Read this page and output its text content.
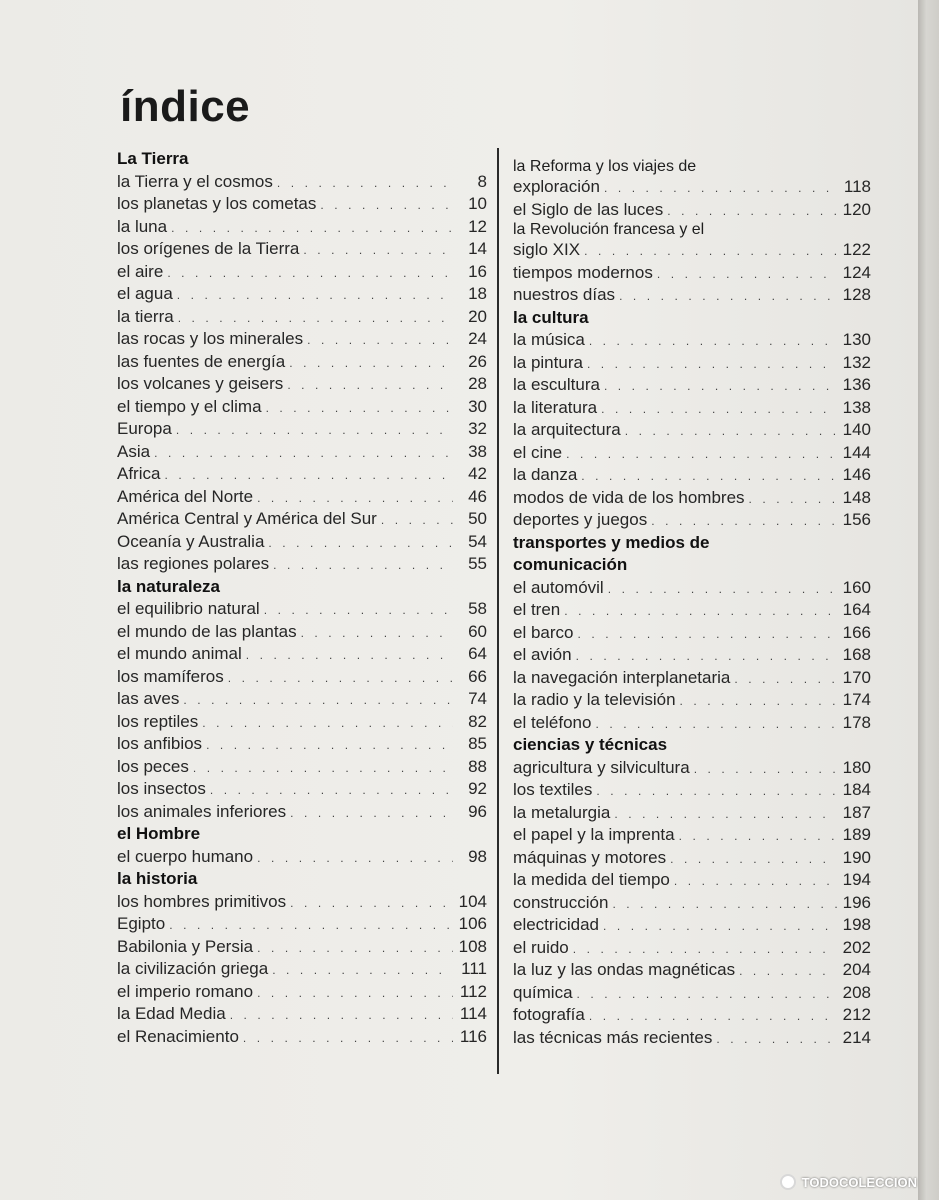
índice
La Tierra
la Tierra y el cosmos . . .	8
los planetas y los cometas . . .	10
la luna . . .	12
los orígenes de la Tierra . . .	14
el aire . . .	16
el agua . . .	18
la tierra . . .	20
las rocas y los minerales . . .	24
las fuentes de energía . . .	26
los volcanes y geisers . . .	28
el tiempo y el clima . . .	30
Europa . . .	32
Asia . . .	38
Africa . . .	42
América del Norte . . .	46
América Central y América del Sur . . .	50
Oceanía y Australia . . .	54
las regiones polares . . .	55
la naturaleza
el equilibrio natural . . .	58
el mundo de las plantas . . .	60
el mundo animal . . .	64
los mamíferos . . .	66
las aves . . .	74
los reptiles . . .	82
los anfibios . . .	85
los peces . . .	88
los insectos . . .	92
los animales inferiores . . .	96
el Hombre
el cuerpo humano . . .	98
la historia
los hombres primitivos . . .	104
Egipto . . .	106
Babilonia y Persia . . .	108
la civilización griega . . .	111
el imperio romano . . .	112
la Edad Media . . .	114
el Renacimiento . . .	116
la Reforma y los viajes de
exploración . . .	118
el Siglo de las luces . . .	120
la Revolución francesa y el
siglo XIX . . .	122
tiempos modernos . . .	124
nuestros días . . .	128
la cultura
la música . . .	130
la pintura . . .	132
la escultura . . .	136
la literatura . . .	138
la arquitectura . . .	140
el cine . . .	144
la danza . . .	146
modos de vida de los hombres . . .	148
deportes y juegos . . .	156
transportes y medios de
comunicación
el automóvil . . .	160
el tren . . .	164
el barco . . .	166
el avión . . .	168
la navegación interplanetaria . . .	170
la radio y la televisión . . .	174
el teléfono . . .	178
ciencias y técnicas
agricultura y silvicultura . . .	180
los textiles . . .	184
la metalurgia . . .	187
el papel y la imprenta . . .	189
máquinas y motores . . .	190
la medida del tiempo . . .	194
construcción . . .	196
electricidad . . .	198
el ruido . . .	202
la luz y las ondas magnéticas . . .	204
química . . .	208
fotografía . . .	212
las técnicas más recientes . . .	214
TODOCOLECCION
